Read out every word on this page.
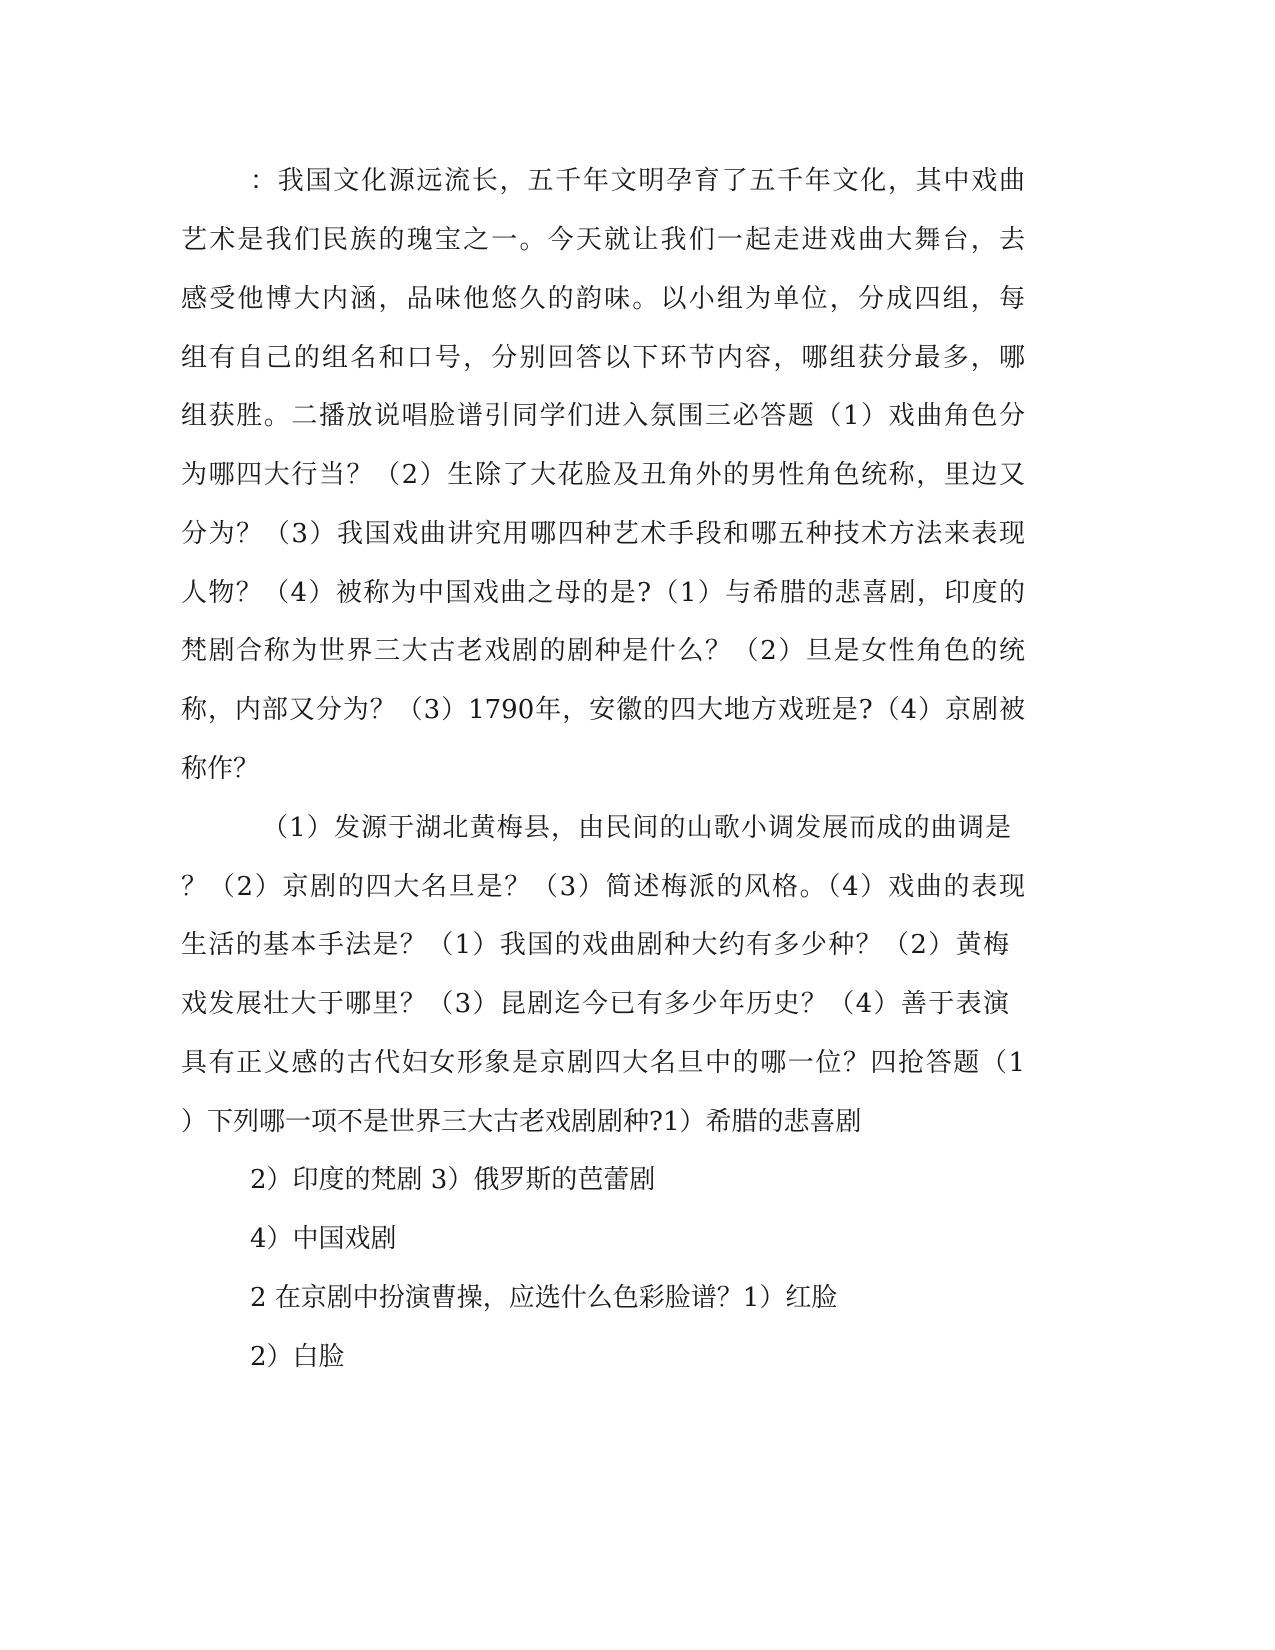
：我国文化源远流长，五千年文明孕育了五千年文化，其中戏曲
艺术是我们民族的瑰宝之一。今天就让我们一起走进戏曲大舞台，去
感受他博大内涵，品味他悠久的韵味。以小组为单位，分成四组，每
组有自己的组名和口号，分别回答以下环节内容，哪组获分最多，哪
组获胜。二播放说唱脸谱引同学们进入氛围三必答题（1）戏曲角色分
为哪四大行当？（2）生除了大花脸及丑角外的男性角色统称，里边又
分为？（3）我国戏曲讲究用哪四种艺术手段和哪五种技术方法来表现
人物？（4）被称为中国戏曲之母的是?（1）与希腊的悲喜剧，印度的
梵剧合称为世界三大古老戏剧的剧种是什么？（2）旦是女性角色的统
称，内部又分为？（3）1790年，安徽的四大地方戏班是?（4）京剧被
称作？
（1）发源于湖北黄梅县，由民间的山歌小调发展而成的曲调是
？（2）京剧的四大名旦是？（3）简述梅派的风格。（4）戏曲的表现
生活的基本手法是？（1）我国的戏曲剧种大约有多少种？（2）黄梅
戏发展壮大于哪里？（3）昆剧迄今已有多少年历史？（4）善于表演
具有正义感的古代妇女形象是京剧四大名旦中的哪一位？四抢答题（1
）下列哪一项不是世界三大古老戏剧剧种?1）希腊的悲喜剧
2）印度的梵剧 3）俄罗斯的芭蕾剧
4）中国戏剧
2 在京剧中扮演曹操，应选什么色彩脸谱？1）红脸
2）白脸
